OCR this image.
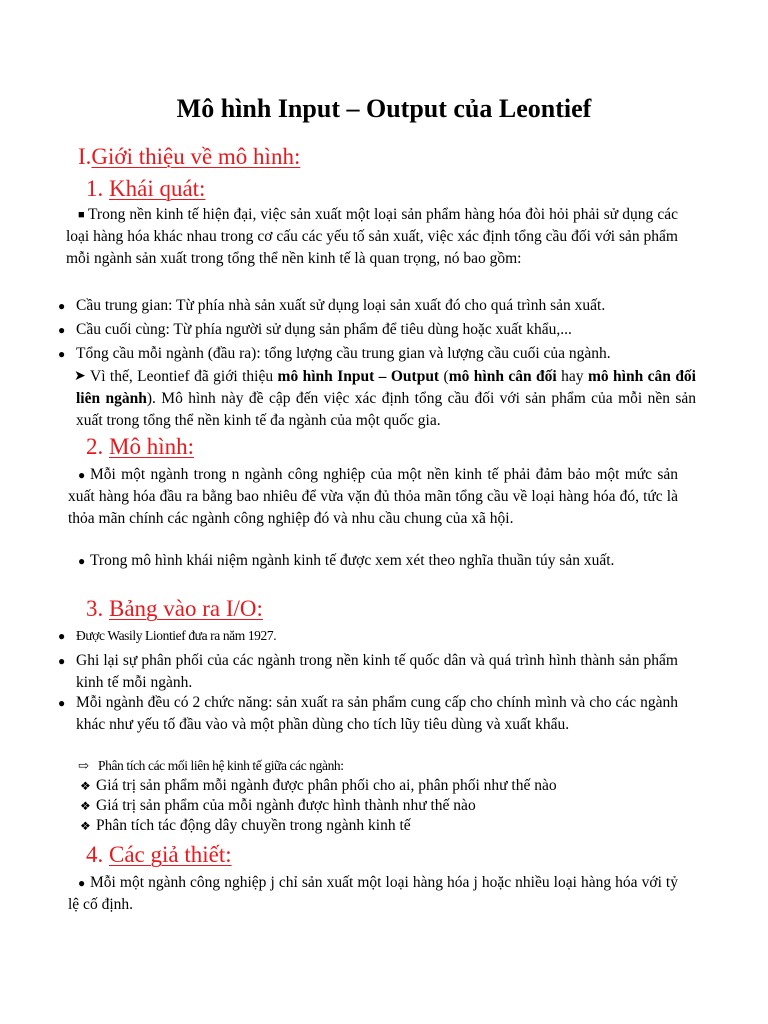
Mô hình Input – Output của Leontief
I.Giới thiệu về mô hình:
1. Khái quát:
■ Trong nền kinh tế hiện đại, việc sản xuất một loại sản phẩm hàng hóa đòi hỏi phải sử dụng các loại hàng hóa khác nhau trong cơ cấu các yếu tố sản xuất, việc xác định tổng cầu đối với sản phẩm mỗi ngành sản xuất trong tổng thể nền kinh tế là quan trọng, nó bao gồm:
● Cầu trung gian: Từ phía nhà sản xuất sử dụng loại sản xuất đó cho quá trình sản xuất.
● Cầu cuối cùng: Từ phía người sử dụng sản phẩm để tiêu dùng hoặc xuất khẩu,...
● Tổng cầu mỗi ngành (đầu ra): tổng lượng cầu trung gian và lượng cầu cuối của ngành.
➤ Vì thế, Leontief đã giới thiệu mô hình Input – Output (mô hình cân đối hay mô hình cân đối liên ngành). Mô hình này đề cập đến việc xác định tổng cầu đối với sản phẩm của mỗi nền sản xuất trong tổng thể nền kinh tế đa ngành của một quốc gia.
2. Mô hình:
● Mỗi một ngành trong n ngành công nghiệp của một nền kinh tế phải đảm bảo một mức sản xuất hàng hóa đầu ra bằng bao nhiêu để vừa vặn đủ thỏa mãn tổng cầu về loại hàng hóa đó, tức là thỏa mãn chính các ngành công nghiệp đó và nhu cầu chung của xã hội.
● Trong mô hình khái niệm ngành kinh tế được xem xét theo nghĩa thuần túy sản xuất.
3. Bảng vào ra I/O:
● Được Wasily Liontief đưa ra năm 1927.
● Ghi lại sự phân phối của các ngành trong nền kinh tế quốc dân và quá trình hình thành sản phẩm kinh tế mỗi ngành.
● Mỗi ngành đều có 2 chức năng: sản xuất ra sản phẩm cung cấp cho chính mình và cho các ngành khác như yếu tố đầu vào và một phần dùng cho tích lũy tiêu dùng và xuất khẩu.
⇨ Phân tích các mối liên hệ kinh tế giữa các ngành:
❖ Giá trị sản phẩm mỗi ngành được phân phối cho ai, phân phối như thế nào
❖ Giá trị sản phẩm của mỗi ngành được hình thành như thế nào
❖ Phân tích tác động dây chuyền trong ngành kinh tế
4. Các giả thiết:
● Mỗi một ngành công nghiệp j chỉ sản xuất một loại hàng hóa j hoặc nhiều loại hàng hóa với tỷ lệ cố định.
